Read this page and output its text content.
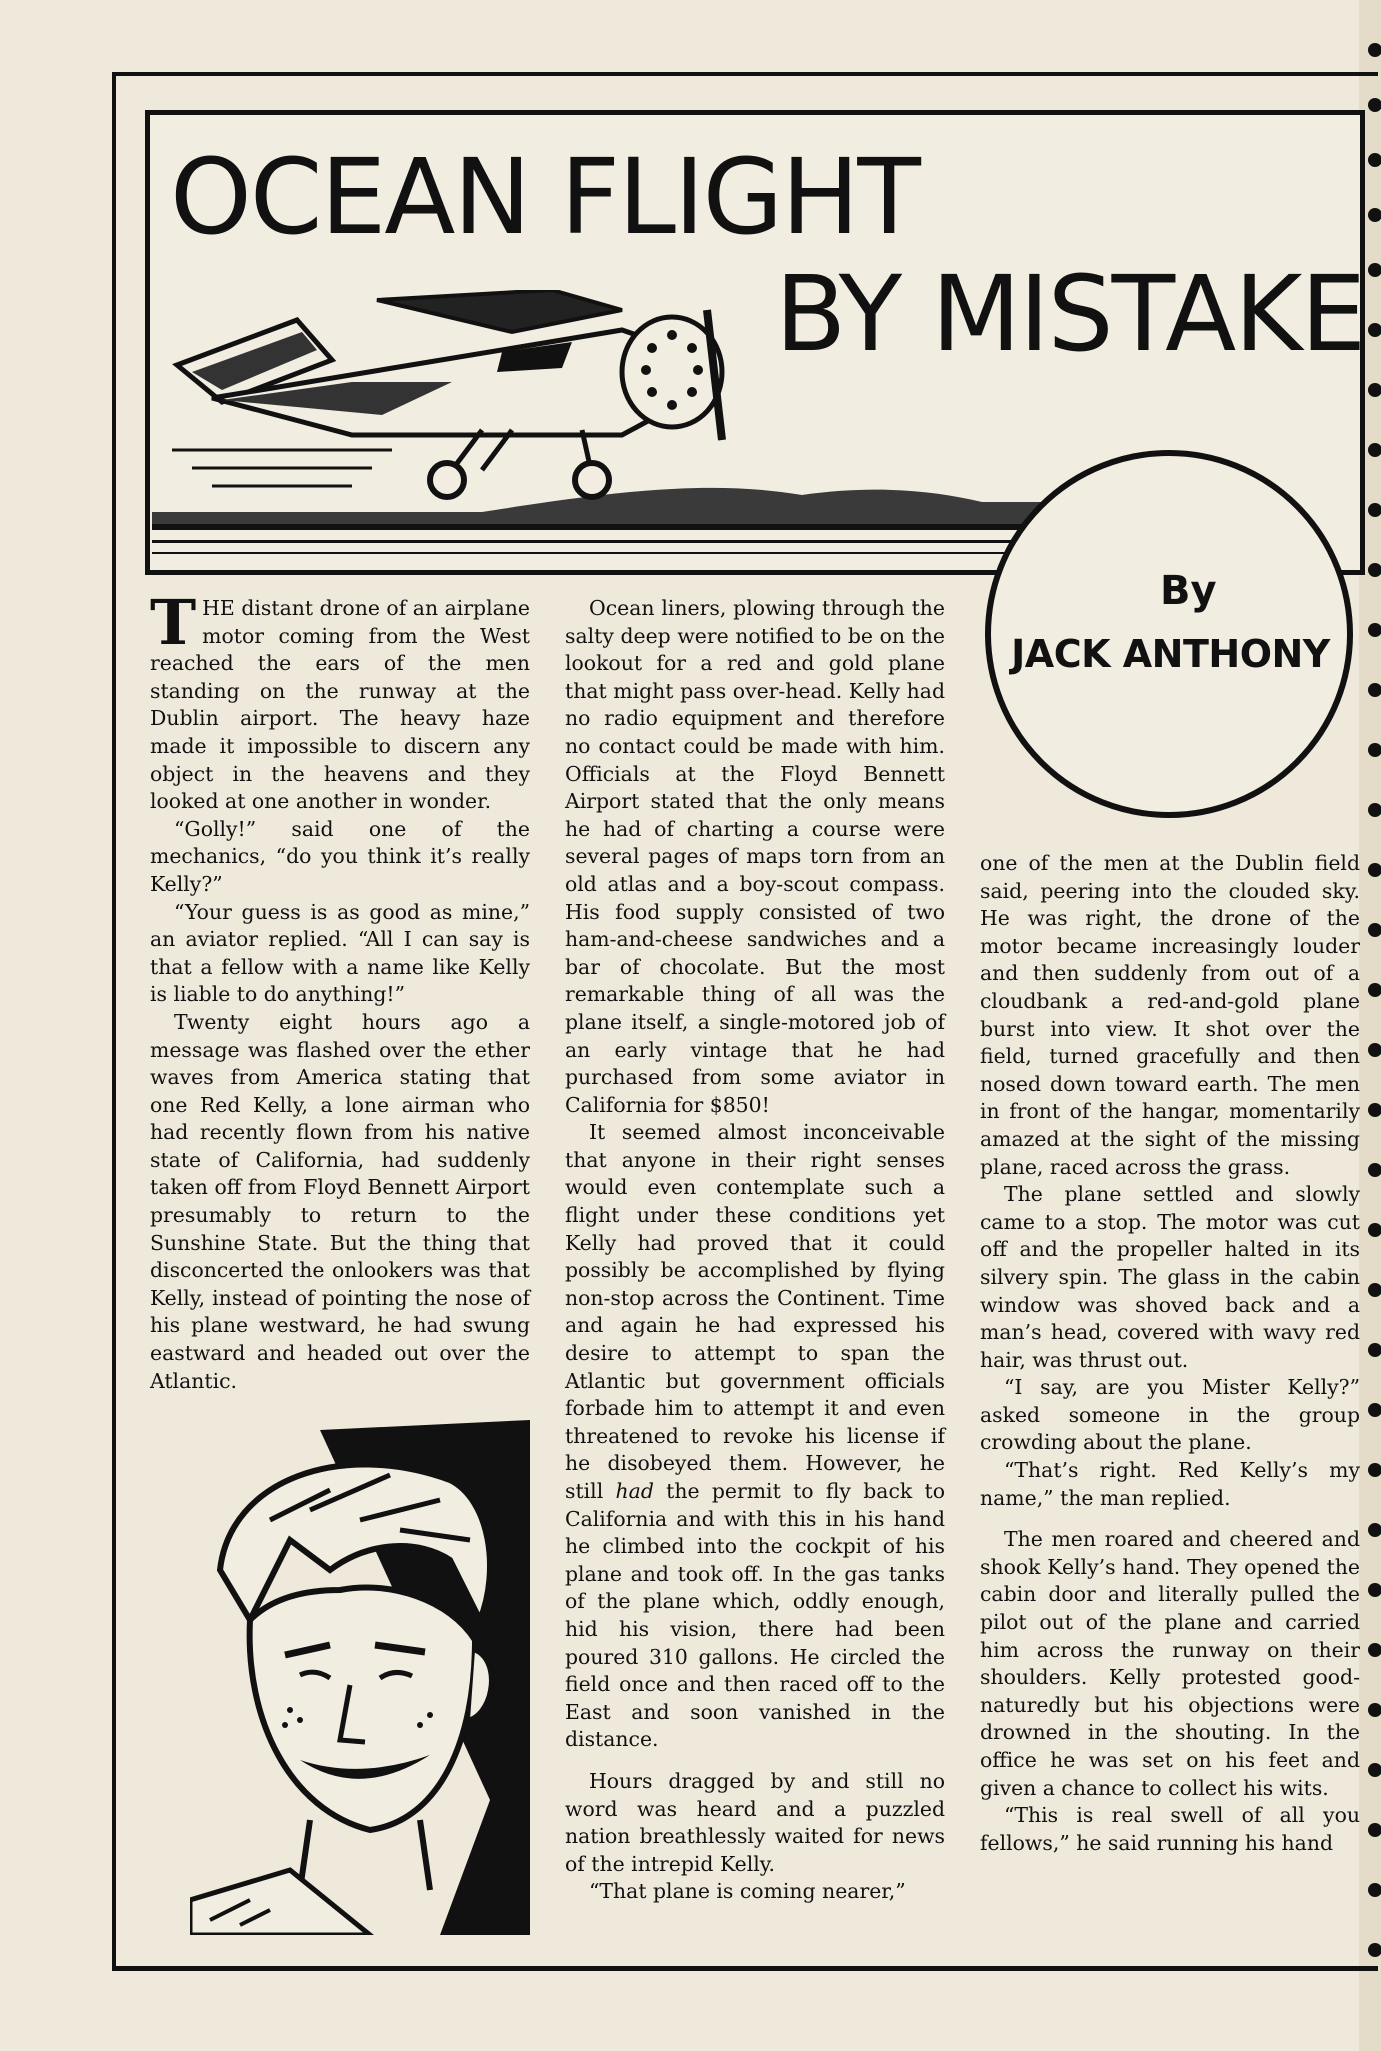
OCEAN FLIGHT
BY MISTAKE
By
JACK ANTHONY

THE distant drone of an airplane motor coming from the West reached the ears of the men standing on the runway at the Dublin airport. The heavy haze made it impossible to discern any object in the heavens and they looked at one another in wonder.

“Golly!” said one of the mechanics, “do you think it’s really Kelly?”

“Your guess is as good as mine,” an aviator replied. “All I can say is that a fellow with a name like Kelly is liable to do anything!”

Twenty eight hours ago a message was flashed over the ether waves from America stating that one Red Kelly, a lone airman who had recently flown from his native state of California, had suddenly taken off from Floyd Bennett Airport presumably to return to the Sunshine State. But the thing that disconcerted the onlookers was that Kelly, instead of pointing the nose of his plane westward, he had swung eastward and headed out over the Atlantic.

Ocean liners, plowing through the salty deep were notified to be on the lookout for a red and gold plane that might pass over-head. Kelly had no radio equipment and therefore no contact could be made with him. Officials at the Floyd Bennett Airport stated that the only means he had of charting a course were several pages of maps torn from an old atlas and a boy-scout compass. His food supply consisted of two ham-and-cheese sandwiches and a bar of chocolate. But the most remarkable thing of all was the plane itself, a single-motored job of an early vintage that he had purchased from some aviator in California for $850!

It seemed almost inconceivable that anyone in their right senses would even contemplate such a flight under these conditions yet Kelly had proved that it could possibly be accomplished by flying non-stop across the Continent. Time and again he had expressed his desire to attempt to span the Atlantic but government officials forbade him to attempt it and even threatened to revoke his license if he disobeyed them. However, he still had the permit to fly back to California and with this in his hand he climbed into the cockpit of his plane and took off. In the gas tanks of the plane which, oddly enough, hid his vision, there had been poured 310 gallons. He circled the field once and then raced off to the East and soon vanished in the distance.

Hours dragged by and still no word was heard and a puzzled nation breathlessly waited for news of the intrepid Kelly.

“That plane is coming nearer,”

one of the men at the Dublin field said, peering into the clouded sky. He was right, the drone of the motor became increasingly louder and then suddenly from out of a cloudbank a red-and-gold plane burst into view. It shot over the field, turned gracefully and then nosed down toward earth. The men in front of the hangar, momentarily amazed at the sight of the missing plane, raced across the grass.

The plane settled and slowly came to a stop. The motor was cut off and the propeller halted in its silvery spin. The glass in the cabin window was shoved back and a man’s head, covered with wavy red hair, was thrust out.

“I say, are you Mister Kelly?” asked someone in the group crowding about the plane.

“That’s right. Red Kelly’s my name,” the man replied.

The men roared and cheered and shook Kelly’s hand. They opened the cabin door and literally pulled the pilot out of the plane and carried him across the runway on their shoulders. Kelly protested good-naturedly but his objections were drowned in the shouting. In the office he was set on his feet and given a chance to collect his wits.

“This is real swell of all you fellows,” he said running his hand
